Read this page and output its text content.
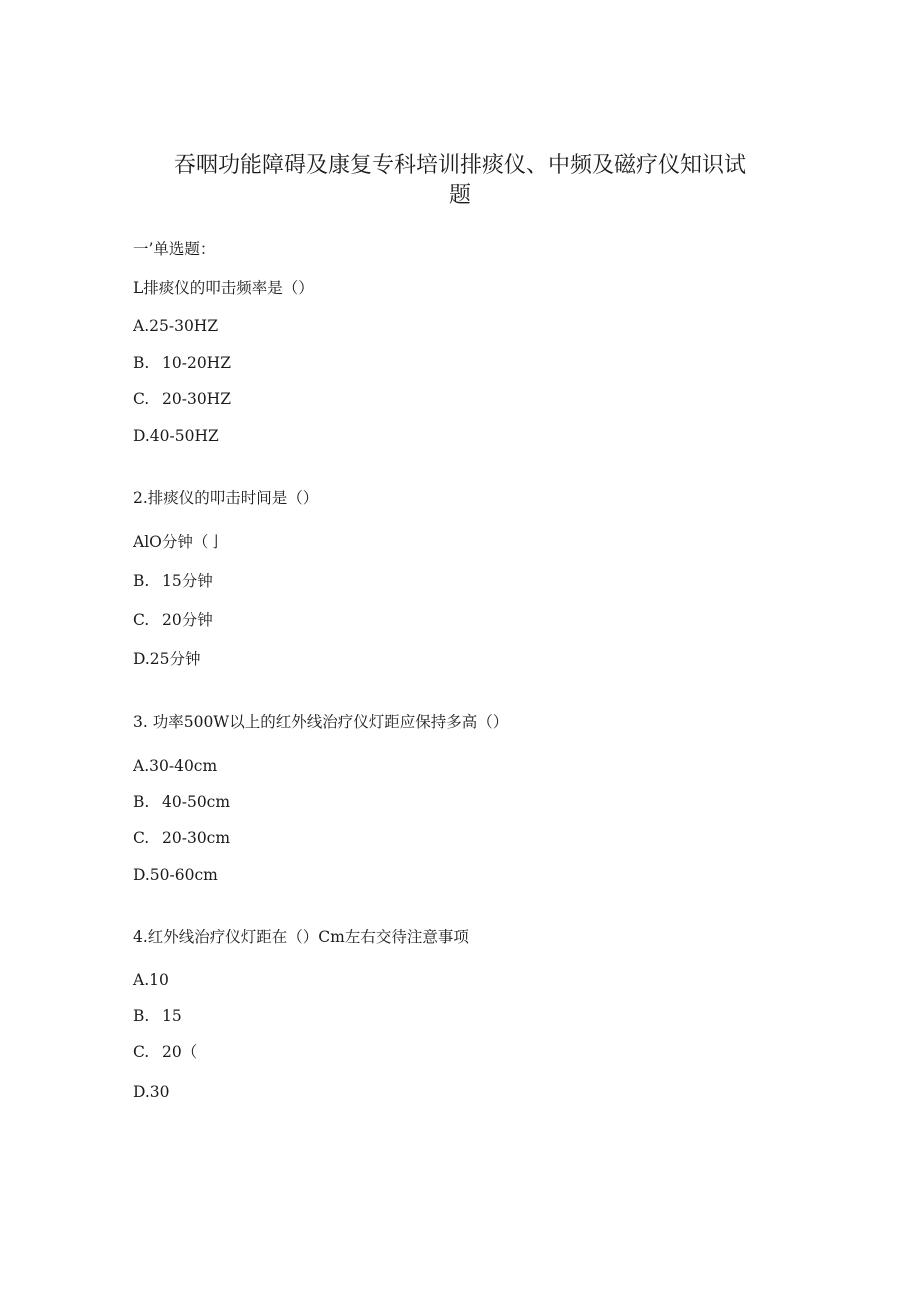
吞咽功能障碍及康复专科培训排痰仪、中频及磁疗仪知识试
题
一’单选题：
L排痰仪的叩击频率是（）
A.25-30HZ
B. 10-20HZ
C. 20-30HZ
D.40-50HZ
2.排痰仪的叩击时间是（）
AlO分钟（亅
B. 15分钟
C. 20分钟
D.25分钟
3. 功率500W以上的红外线治疗仪灯距应保持多高（）
A.30-40cm
B. 40-50cm
C. 20-30cm
D.50-60cm
4.红外线治疗仪灯距在（）Cm左右交待注意事项
A.10
B. 15
C. 20（
D.30
